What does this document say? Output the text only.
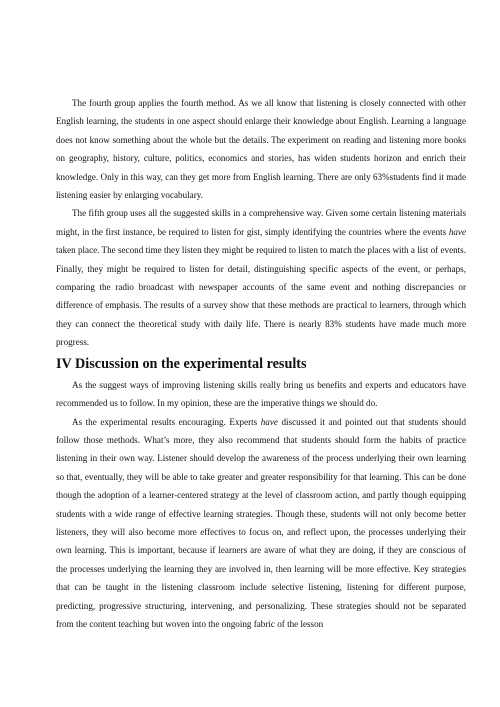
The fourth group applies the fourth method. As we all know that listening is closely connected with other English learning, the students in one aspect should enlarge their knowledge about English. Learning a language does not know something about the whole but the details. The experiment on reading and listening more books on geography, history, culture, politics, economics and stories, has widen students horizon and enrich their knowledge. Only in this way, can they get more from English learning. There are only 63%students find it made listening easier by enlarging vocabulary.

The fifth group uses all the suggested skills in a comprehensive way. Given some certain listening materials might, in the first instance, be required to listen for gist, simply identifying the countries where the events have taken place. The second time they listen they might be required to listen to match the places with a list of events. Finally, they might be required to listen for detail, distinguishing specific aspects of the event, or perhaps, comparing the radio broadcast with newspaper accounts of the same event and nothing discrepancies or difference of emphasis. The results of a survey show that these methods are practical to learners, through which they can connect the theoretical study with daily life. There is nearly 83% students have made much more progress.

IV Discussion on the experimental results

As the suggest ways of improving listening skills really bring us benefits and experts and educators have recommended us to follow. In my opinion, these are the imperative things we should do.

As the experimental results encouraging. Experts have discussed it and pointed out that students should follow those methods. What’s more, they also recommend that students should form the habits of practice listening in their own way. Listener should develop the awareness of the process underlying their own learning so that, eventually, they will be able to take greater and greater responsibility for that learning. This can be done though the adoption of a learner-centered strategy at the level of classroom action, and partly though equipping students with a wide range of effective learning strategies. Though these, students will not only become better listeners, they will also become more effectives to focus on, and reflect upon, the processes underlying their own learning. This is important, because if learners are aware of what they are doing, if they are conscious of the processes underlying the learning they are involved in, then learning will be more effective. Key strategies that can be taught in the listening classroom include selective listening, listening for different purpose, predicting, progressive structuring, intervening, and personalizing. These strategies should not be separated from the content teaching but woven into the ongoing fabric of the lesson
